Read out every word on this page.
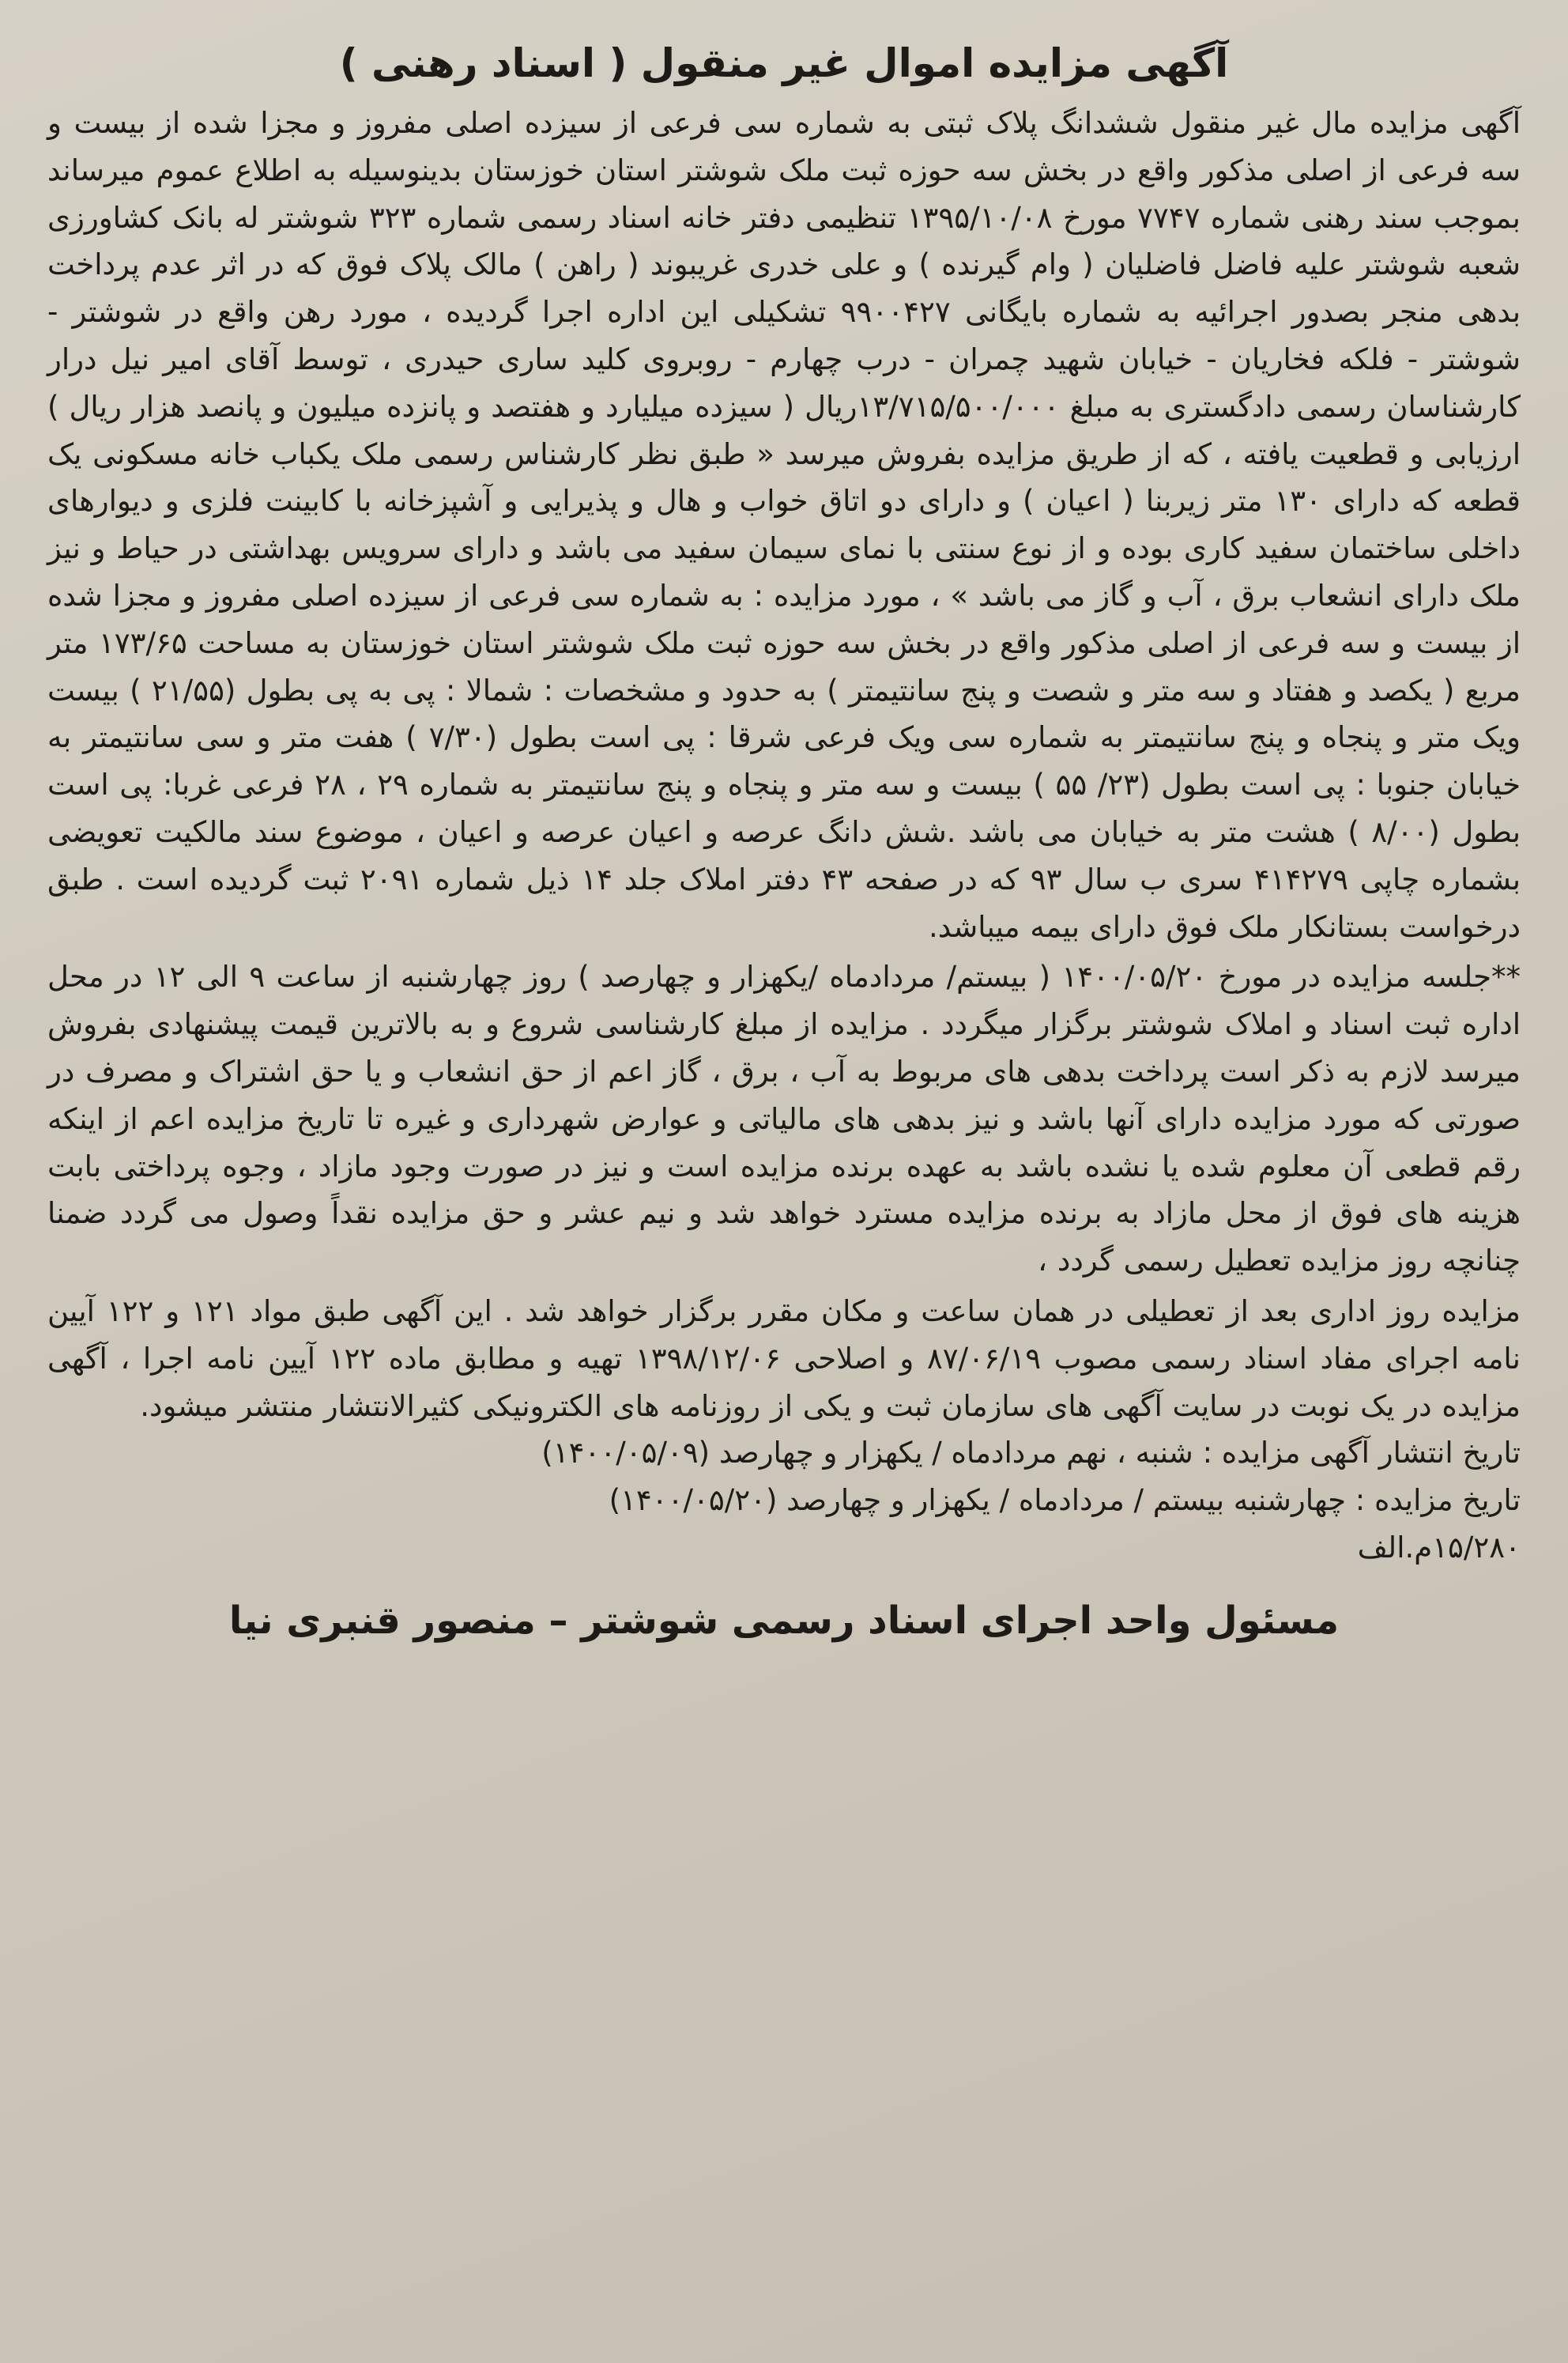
آگهی مزایده اموال غیر منقول ( اسناد رهنی )

آگهی مزایده مال غیر منقول ششدانگ پلاک ثبتی به شماره سی فرعی از سیزده اصلی مفروز و مجزا شده از بیست و سه فرعی از اصلی مذکور واقع در بخش سه حوزه ثبت ملک شوشتر استان خوزستان بدینوسیله به اطلاع عموم میرساند بموجب سند رهنی شماره ۷۷۴۷ مورخ ۱۳۹۵/۱۰/۰۸ تنظیمی دفتر خانه اسناد رسمی شماره ۳۲۳ شوشتر له بانک کشاورزی شعبه شوشتر علیه فاضل فاضلیان ( وام گیرنده ) و علی خدری غریبوند ( راهن ) مالک پلاک فوق که در اثر عدم پرداخت بدهی منجر بصدور اجرائیه به شماره بایگانی ۹۹۰۰۴۲۷ تشکیلی این اداره اجرا گردیده ، مورد رهن واقع در شوشتر - شوشتر - فلکه فخاریان - خیابان شهید چمران - درب چهارم - روبروی کلید ساری حیدری ، توسط آقای امیر نیل درار کارشناسان رسمی دادگستری به مبلغ ۱۳/۷۱۵/۵۰۰/۰۰۰ریال ( سیزده میلیارد و هفتصد و پانزده میلیون و پانصد هزار ریال ) ارزیابی و قطعیت یافته ، که از طریق مزایده بفروش میرسد « طبق نظر کارشناس رسمی ملک یکباب خانه مسکونی یک قطعه که دارای ۱۳۰ متر زیربنا ( اعیان ) و دارای دو اتاق خواب و هال و پذیرایی و آشپزخانه با کابینت فلزی و دیوارهای داخلی ساختمان سفید کاری بوده و از نوع سنتی با نمای سیمان سفید می باشد و دارای سرویس بهداشتی در حیاط و نیز ملک دارای انشعاب برق ، آب و گاز می باشد » ، مورد مزایده : به شماره سی فرعی از سیزده اصلی مفروز و مجزا شده از بیست و سه فرعی از اصلی مذکور واقع در بخش سه حوزه ثبت ملک شوشتر استان خوزستان به مساحت ۱۷۳/۶۵ متر مربع ( یکصد و هفتاد و سه متر و شصت و پنج سانتیمتر ) به حدود و مشخصات : شمالا : پی به پی بطول (۲۱/۵۵ ) بیست ویک متر و پنجاه و پنج سانتیمتر به شماره سی ویک فرعی شرقا : پی است بطول (۷/۳۰ ) هفت متر و سی سانتیمتر به خیابان جنوبا : پی است بطول (۲۳/ ۵۵ ) بیست و سه متر و پنجاه و پنج سانتیمتر به شماره ۲۹ ، ۲۸ فرعی غربا: پی است بطول (۸/۰۰ ) هشت متر به خیابان می باشد .شش دانگ عرصه و اعیان عرصه و اعیان ، موضوع سند مالکیت تعویضی بشماره چاپی ۴۱۴۲۷۹ سری ب سال ۹۳ که در صفحه ۴۳ دفتر املاک جلد ۱۴ ذیل شماره ۲۰۹۱ ثبت گردیده است . طبق درخواست بستانکار ملک فوق دارای بیمه میباشد.

**جلسه مزایده در مورخ ۱۴۰۰/۰۵/۲۰ ( بیستم/ مردادماه /یکهزار و چهارصد ) روز چهارشنبه از ساعت ۹ الی ۱۲ در محل اداره ثبت اسناد و املاک شوشتر برگزار میگردد . مزایده از مبلغ کارشناسی شروع و به بالاترین قیمت پیشنهادی بفروش میرسد لازم به ذکر است پرداخت بدهی های مربوط به آب ، برق ، گاز اعم از حق انشعاب و یا حق اشتراک و مصرف در صورتی که مورد مزایده دارای آنها باشد و نیز بدهی های مالیاتی و عوارض شهرداری و غیره تا تاریخ مزایده اعم از اینکه رقم قطعی آن معلوم شده یا نشده باشد به عهده برنده مزایده است و نیز در صورت وجود مازاد ، وجوه پرداختی بابت هزینه های فوق از محل مازاد به برنده مزایده مسترد خواهد شد و نیم عشر و حق مزایده نقداً وصول می گردد ضمنا چنانچه روز مزایده تعطیل رسمی گردد ،

مزایده روز اداری بعد از تعطیلی در همان ساعت و مکان مقرر برگزار خواهد شد . این آگهی طبق مواد ۱۲۱ و ۱۲۲ آیین نامه اجرای مفاد اسناد رسمی مصوب ۸۷/۰۶/۱۹ و اصلاحی ۱۳۹۸/۱۲/۰۶ تهیه و مطابق ماده ۱۲۲ آیین نامه اجرا ، آگهی مزایده در یک نوبت در سایت آگهی های سازمان ثبت و یکی از روزنامه های الکترونیکی کثیرالانتشار منتشر میشود.

تاریخ انتشار آگهی مزایده : شنبه ، نهم مردادماه / یکهزار و چهارصد (۱۴۰۰/۰۵/۰۹)

تاریخ مزایده : چهارشنبه بیستم / مردادماه / یکهزار و چهارصد (۱۴۰۰/۰۵/۲۰)

۱۵/۲۸۰م.الف

مسئول واحد اجرای اسناد رسمی شوشتر – منصور قنبری نیا
